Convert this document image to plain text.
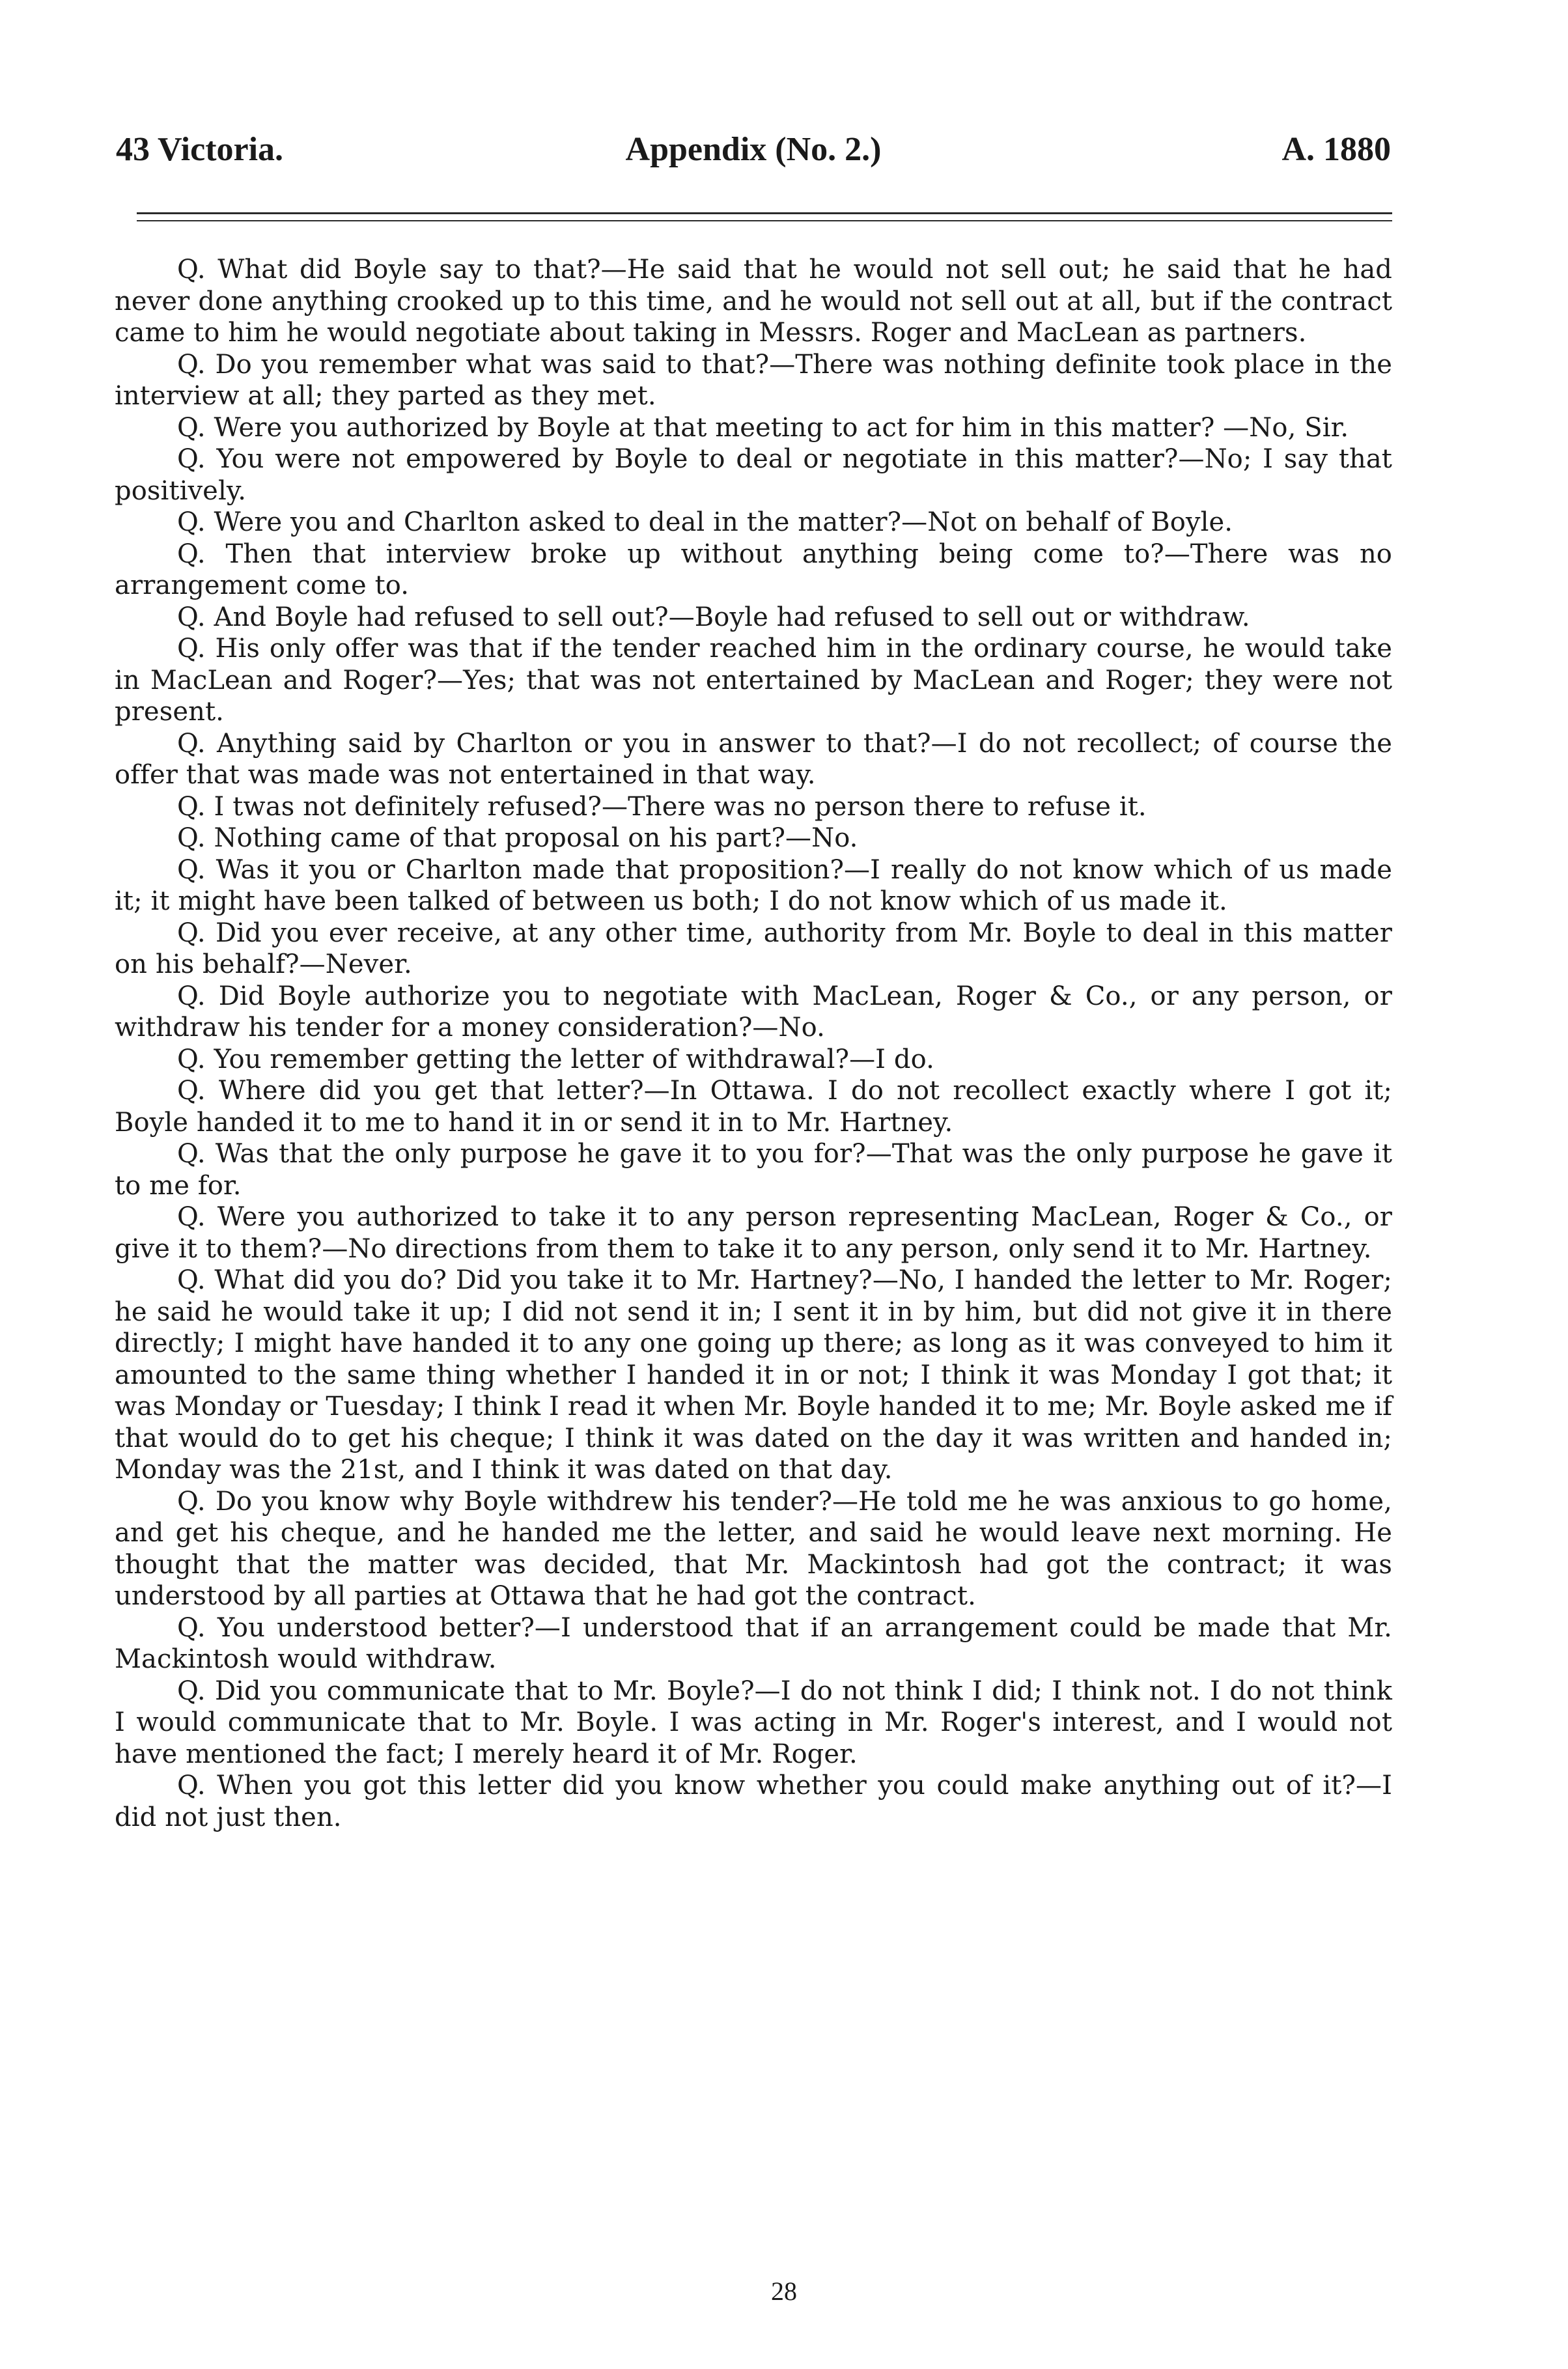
43 Victoria.	Appendix (No. 2.)	A. 1880

Q. What did Boyle say to that?—He said that he would not sell out; he said that he had never done anything crooked up to this time, and he would not sell out at all, but if the contract came to him he would negotiate about taking in Messrs. Roger and MacLean as partners.

Q. Do you remember what was said to that?—There was nothing definite took place in the interview at all; they parted as they met.

Q. Were you authorized by Boyle at that meeting to act for him in this matter? —No, Sir.

Q. You were not empowered by Boyle to deal or negotiate in this matter?—No; I say that positively.

Q. Were you and Charlton asked to deal in the matter?—Not on behalf of Boyle.

Q. Then that interview broke up without anything being come to?—There was no arrangement come to.

Q. And Boyle had refused to sell out?—Boyle had refused to sell out or withdraw.

Q. His only offer was that if the tender reached him in the ordinary course, he would take in MacLean and Roger?—Yes; that was not entertained by MacLean and Roger; they were not present.

Q. Anything said by Charlton or you in answer to that?—I do not recollect; of course the offer that was made was not entertained in that way.

Q. I twas not definitely refused?—There was no person there to refuse it.

Q. Nothing came of that proposal on his part?—No.

Q. Was it you or Charlton made that proposition?—I really do not know which of us made it; it might have been talked of between us both; I do not know which of us made it.

Q. Did you ever receive, at any other time, authority from Mr. Boyle to deal in this matter on his behalf?—Never.

Q. Did Boyle authorize you to negotiate with MacLean, Roger & Co., or any person, or withdraw his tender for a money consideration?—No.

Q. You remember getting the letter of withdrawal?—I do.

Q. Where did you get that letter?—In Ottawa. I do not recollect exactly where I got it; Boyle handed it to me to hand it in or send it in to Mr. Hartney.

Q. Was that the only purpose he gave it to you for?—That was the only purpose he gave it to me for.

Q. Were you authorized to take it to any person representing MacLean, Roger & Co., or give it to them?—No directions from them to take it to any person, only send it to Mr. Hartney.

Q. What did you do? Did you take it to Mr. Hartney?—No, I handed the letter to Mr. Roger; he said he would take it up; I did not send it in; I sent it in by him, but did not give it in there directly; I might have handed it to any one going up there; as long as it was conveyed to him it amounted to the same thing whether I handed it in or not; I think it was Monday I got that; it was Monday or Tuesday; I think I read it when Mr. Boyle handed it to me; Mr. Boyle asked me if that would do to get his cheque; I think it was dated on the day it was written and handed in; Monday was the 21st, and I think it was dated on that day.

Q. Do you know why Boyle withdrew his tender?—He told me he was anxious to go home, and get his cheque, and he handed me the letter, and said he would leave next morning. He thought that the matter was decided, that Mr. Mackintosh had got the contract; it was understood by all parties at Ottawa that he had got the contract.

Q. You understood better?—I understood that if an arrangement could be made that Mr. Mackintosh would withdraw.

Q. Did you communicate that to Mr. Boyle?—I do not think I did; I think not. I do not think I would communicate that to Mr. Boyle. I was acting in Mr. Roger's interest, and I would not have mentioned the fact; I merely heard it of Mr. Roger.

Q. When you got this letter did you know whether you could make anything out of it?—I did not just then.

28
